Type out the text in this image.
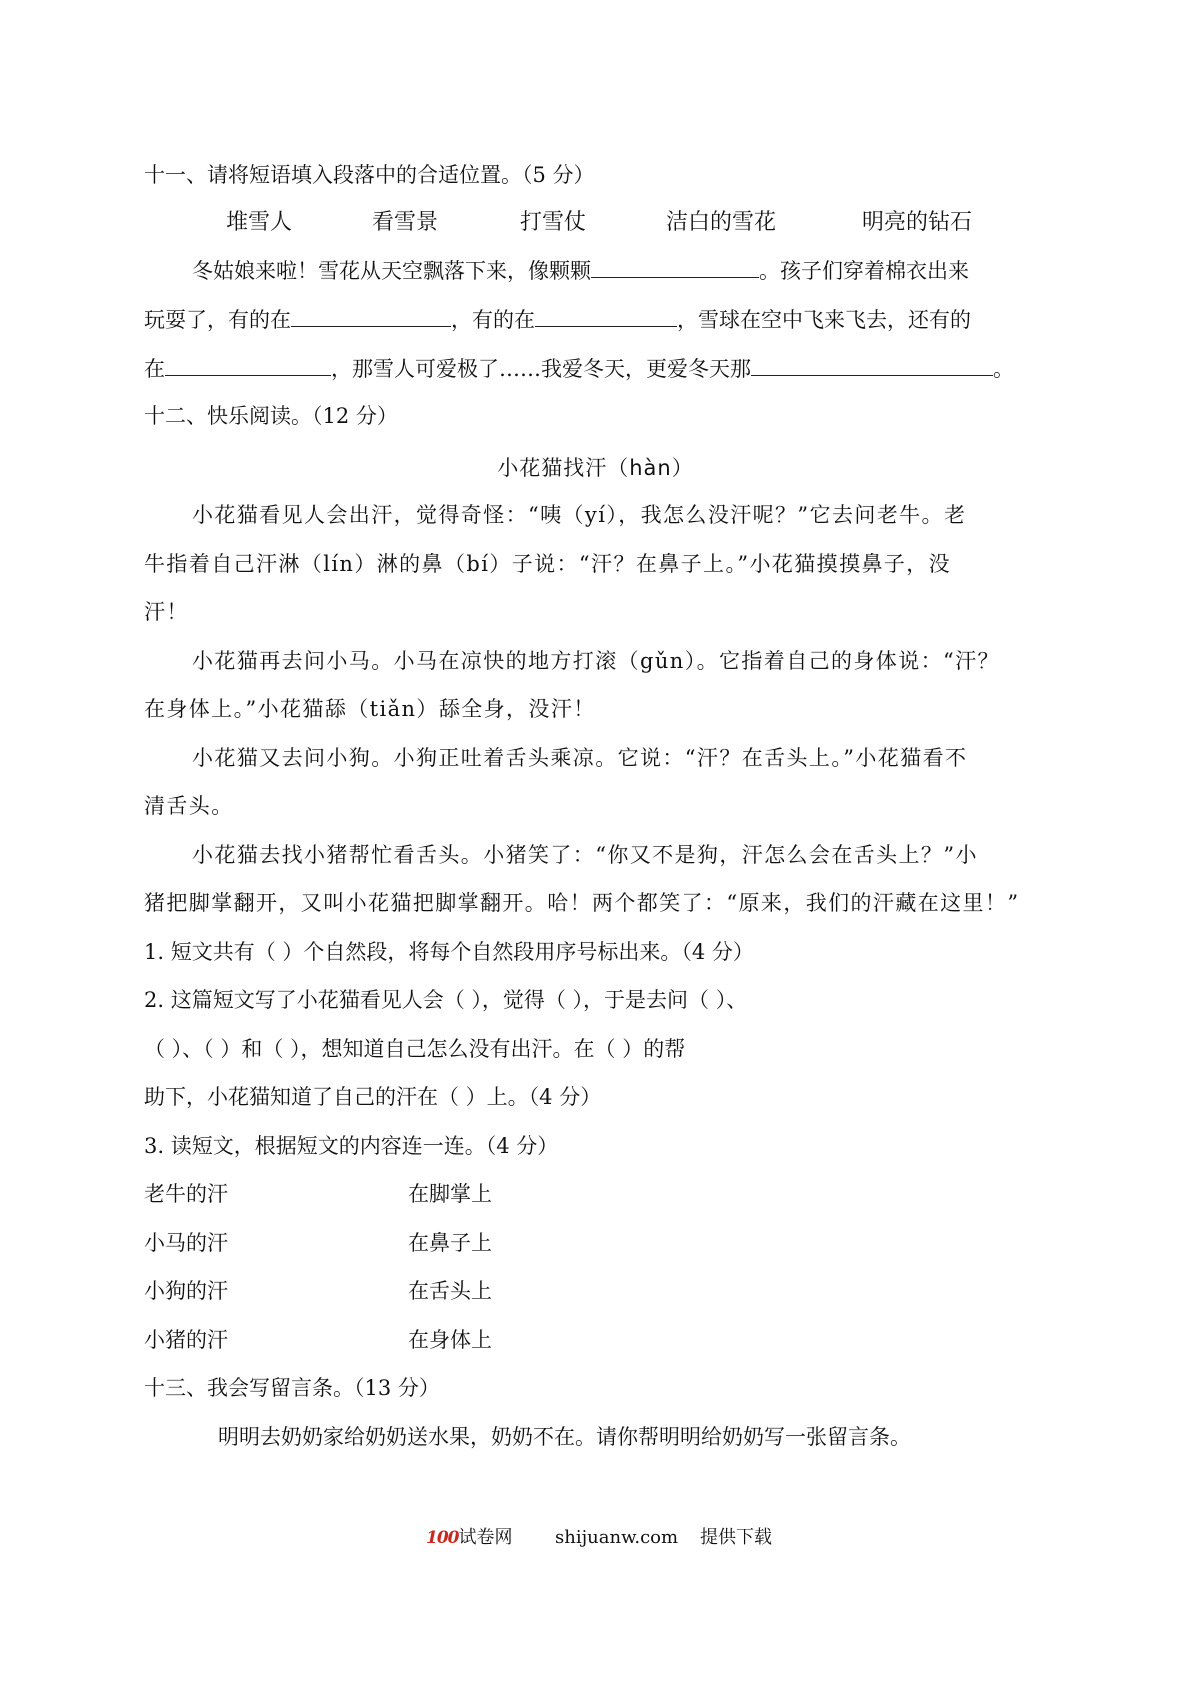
十一、请将短语填入段落中的合适位置。（5 分）
堆雪人	看雪景	打雪仗	洁白的雪花	明亮的钻石
冬姑娘来啦！雪花从天空飘落下来，像颗颗	。孩子们穿着棉衣出来
玩耍了，有的在	，有的在	，雪球在空中飞来飞去，还有的
在	，那雪人可爱极了……我爱冬天，更爱冬天那	。
十二、快乐阅读。（12 分）
小花猫找汗（hàn）
小花猫看见人会出汗，觉得奇怪：“咦（yí），我怎么没汗呢？”它去问老牛。老
牛指着自己汗淋（lín）淋的鼻（bí）子说：“汗？在鼻子上。”小花猫摸摸鼻子，没
汗！
小花猫再去问小马。小马在凉快的地方打滚（gǔn）。它指着自己的身体说：“汗？
在身体上。”小花猫舔（tiǎn）舔全身，没汗！
小花猫又去问小狗。小狗正吐着舌头乘凉。它说：“汗？在舌头上。”小花猫看不
清舌头。
小花猫去找小猪帮忙看舌头。小猪笑了：“你又不是狗，汗怎么会在舌头上？”小
猪把脚掌翻开，又叫小花猫把脚掌翻开。哈！两个都笑了：“原来，我们的汗藏在这里！”
1. 短文共有（ ）个自然段，将每个自然段用序号标出来。（4 分）
2. 这篇短文写了小花猫看见人会（ ），觉得（ ），于是去问（ ）、
（ ）、（ ）和（ ），想知道自己怎么没有出汗。在（ ）的帮
助下，小花猫知道了自己的汗在（ ）上。（4 分）
3. 读短文，根据短文的内容连一连。（4 分）
老牛的汗	在脚掌上
小马的汗	在鼻子上
小狗的汗	在舌头上
小猪的汗	在身体上
十三、我会写留言条。（13 分）
明明去奶奶家给奶奶送水果，奶奶不在。请你帮明明给奶奶写一张留言条。
100试卷网 shijuanw.com 提供下载
